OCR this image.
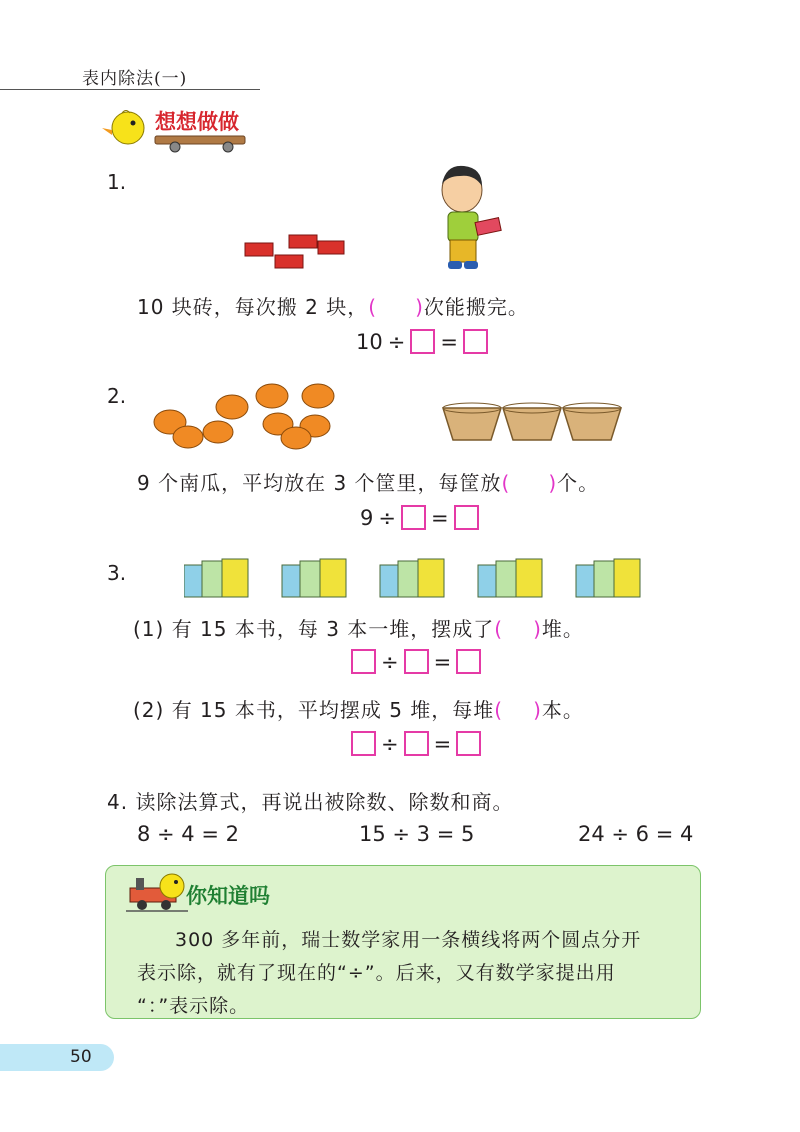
表内除法(一)
想想做做
1.
10 块砖，每次搬 2 块，( )次能搬完。
10 ÷ =
2.
9 个南瓜，平均放在 3 个筐里，每筐放( )个。
9 ÷ =
3.
(1) 有 15 本书，每 3 本一堆，摆成了( )堆。
÷ =
(2) 有 15 本书，平均摆成 5 堆，每堆( )本。
÷ =
4. 读除法算式，再说出被除数、除数和商。
8 ÷ 4 = 2	15 ÷ 3 = 5	24 ÷ 6 = 4
你知道吗
300 多年前，瑞士数学家用一条横线将两个圆点分开
表示除，就有了现在的“÷”。后来，又有数学家提出用
“：”表示除。
50
